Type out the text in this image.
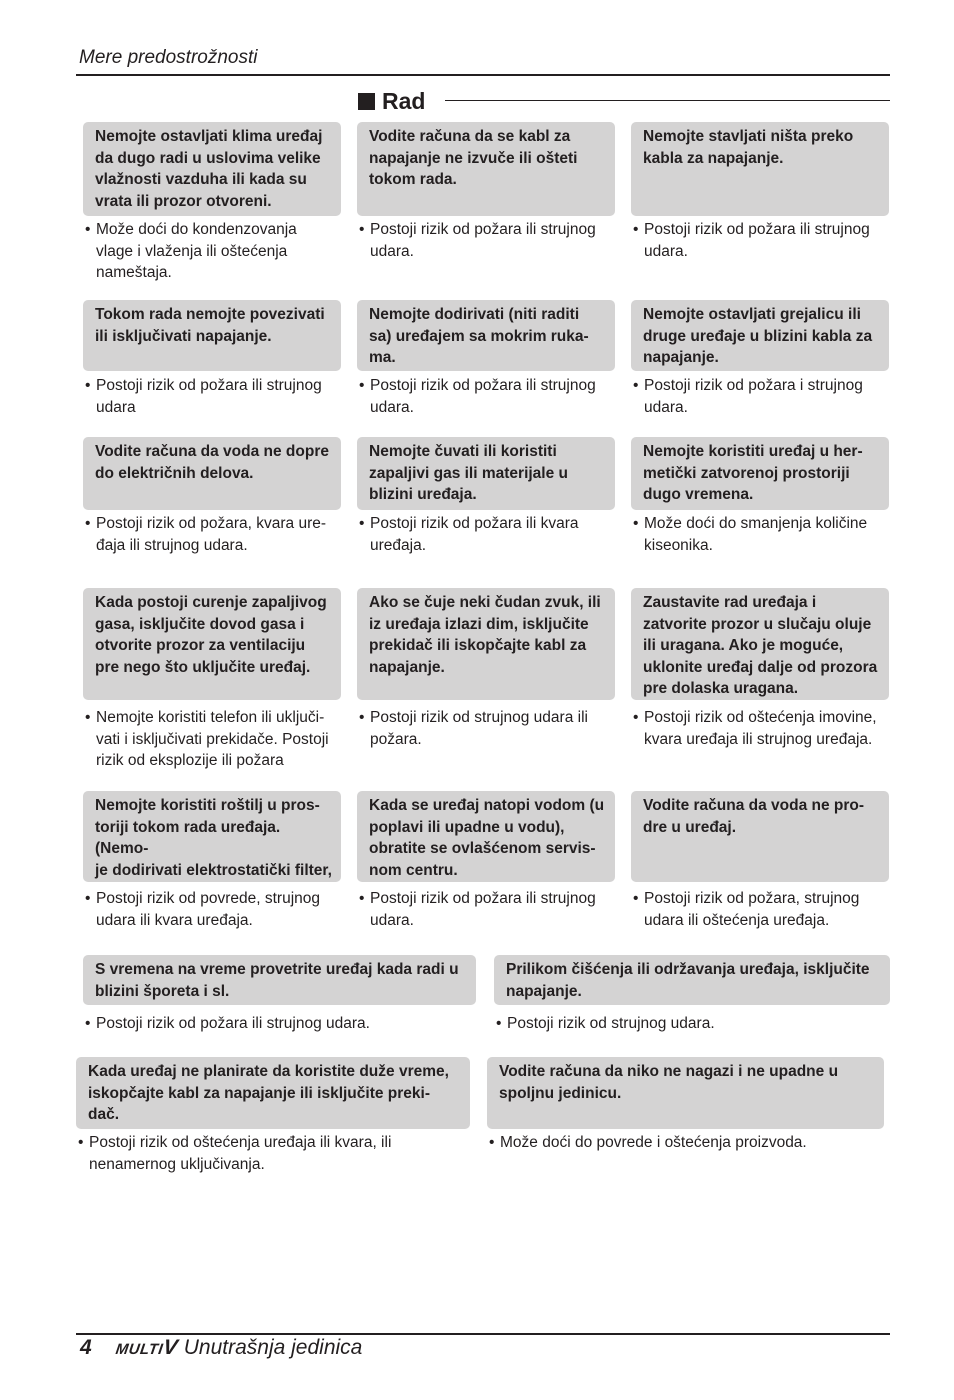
Mere predostrožnosti
Rad
Nemojte ostavljati klima uređaj
da dugo radi u uslovima velike
vlažnosti vazduha ili kada su
vrata ili prozor otvoreni.
• Može doći do kondenzovanja
vlage i vlaženja ili oštećenja
nameštaja.
Vodite računa da se kabl za
napajanje ne izvuče ili ošteti
tokom rada.
• Postoji rizik od požara ili strujnog
udara.
Nemojte stavljati ništa preko
kabla za napajanje.
• Postoji rizik od požara ili strujnog
udara.
Tokom rada nemojte povezivati
ili isključivati napajanje.
• Postoji rizik od požara ili strujnog
udara
Nemojte dodirivati (niti raditi
sa) uređajem sa mokrim ruka-
ma.
• Postoji rizik od požara ili strujnog
udara.
Nemojte ostavljati grejalicu ili
druge uređaje u blizini kabla za
napajanje.
• Postoji rizik od požara i strujnog
udara.
Vodite računa da voda ne dopre
do električnih delova.
• Postoji rizik od požara, kvara ure-
đaja ili strujnog udara.
Nemojte čuvati ili koristiti
zapaljivi gas ili materijale u
blizini uređaja.
• Postoji rizik od požara ili kvara
uređaja.
Nemojte koristiti uređaj u her-
metički zatvorenoj prostoriji
dugo vremena.
• Može doći do smanjenja količine
kiseonika.
Kada postoji curenje zapaljivog
gasa, isključite dovod gasa i
otvorite prozor za ventilaciju
pre nego što uključite uređaj.
• Nemojte koristiti telefon ili uključi-
vati i isključivati prekidače. Postoji
rizik od eksplozije ili požara
Ako se čuje neki čudan zvuk, ili
iz uređaja izlazi dim, isključite
prekidač ili iskopčajte kabl za
napajanje.
• Postoji rizik od strujnog udara ili
požara.
Zaustavite rad uređaja i
zatvorite prozor u slučaju oluje
ili uragana. Ako je moguće,
uklonite uređaj dalje od prozora
pre dolaska uragana.
• Postoji rizik od oštećenja imovine,
kvara uređaja ili strujnog uređaja.
Nemojte koristiti roštilj u pros-
toriji tokom rada uređaja. (Nemo-
je dodirivati elektrostatički filter,

• Postoji rizik od povrede, strujnog
udara ili kvara uređaja.
Kada se uređaj natopi vodom (u
poplavi ili upadne u vodu),
obratite se ovlašćenom servis-
nom centru.
• Postoji rizik od požara ili strujnog
udara.
Vodite računa da voda ne pro-
dre u uređaj.
• Postoji rizik od požara, strujnog
udara ili oštećenja uređaja.
S vremena na vreme provetrite uređaj kada radi u
blizini šporeta i sl.
• Postoji rizik od požara ili strujnog udara.
Prilikom čišćenja ili održavanja uređaja, isključite
napajanje.
• Postoji rizik od strujnog udara.
Kada uređaj ne planirate da koristite duže vreme,
iskopčajte kabl za napajanje ili isključite preki-
dač.
• Postoji rizik od oštećenja uređaja ili kvara, ili
nenamernog uključivanja.
Vodite računa da niko ne nagazi i ne upadne u
spoljnu jedinicu.
• Može doći do povrede i oštećenja proizvoda.
4	MULTIV Unutrašnja jedinica
